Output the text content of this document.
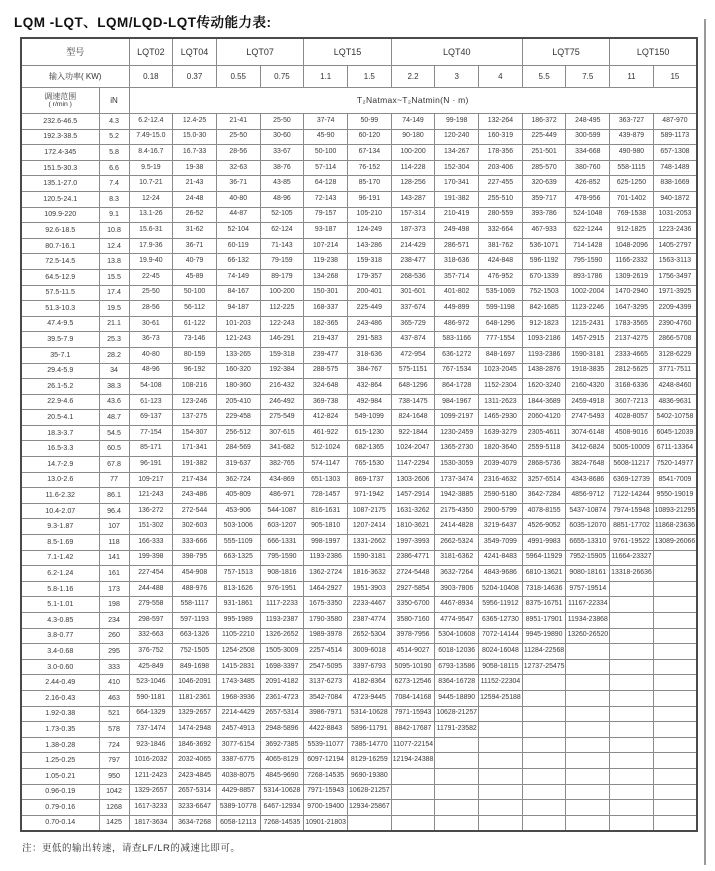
LQM -LQT、LQM/LQD-LQT传动能力表:
型号		LQT02	LQT04	LQT07		LQT15		LQT40			LQT75		LQT150	
输入功率( KW)		0.18	0.37	0.55	0.75	1.1	1.5	2.2	3	4	5.5	7.5	11	15

调速范围
( r/min )	iN	T₂Natmax~T₂Natmin(N · m)												
232.6-46.5	4.3	6.2-12.4	12.4-25	21-41	25-50	37-74	50-99	74-149	99-198	132-264	186-372	248-495	363-727	487-970
192.3-38.5	5.2	7.49-15.0	15.0-30	25-50	30-60	45-90	60-120	90-180	120-240	160-319	225-449	300-599	439-879	589-1173
172.4-345	5.8	8.4-16.7	16.7-33	28-56	33-67	50-100	67-134	100-200	134-267	178-356	251-501	334-668	490-980	657-1308
151.5-30.3	6.6	9.5-19	19-38	32-63	38-76	57-114	76-152	114-228	152-304	203-406	285-570	380-760	558-1115	748-1489
135.1-27.0	7.4	10.7-21	21-43	36-71	43-85	64-128	85-170	128-256	170-341	227-455	320-639	426-852	625-1250	838-1669
120.5-24.1	8.3	12-24	24-48	40-80	48-96	72-143	96-191	143-287	191-382	255-510	359-717	478-956	701-1402	940-1872
109.9-220	9.1	13.1-26	26-52	44-87	52-105	79-157	105-210	157-314	210-419	280-559	393-786	524-1048	769-1538	1031-2053
92.6-18.5	10.8	15.6-31	31-62	52-104	62-124	93-187	124-249	187-373	249-498	332-664	467-933	622-1244	912-1825	1223-2436
80.7-16.1	12.4	17.9-36	36-71	60-119	71-143	107-214	143-286	214-429	286-571	381-762	536-1071	714-1428	1048-2096	1405-2797
72.5-14.5	13.8	19.9-40	40-79	66-132	79-159	119-238	159-318	238-477	318-636	424-848	596-1192	795-1590	1166-2332	1563-3113
64.5-12.9	15.5	22-45	45-89	74-149	89-179	134-268	179-357	268-536	357-714	476-952	670-1339	893-1786	1309-2619	1756-3497
57.5-11.5	17.4	25-50	50-100	84-167	100-200	150-301	200-401	301-601	401-802	535-1069	752-1503	1002-2004	1470-2940	1971-3925
51.3-10.3	19.5	28-56	56-112	94-187	112-225	168-337	225-449	337-674	449-899	599-1198	842-1685	1123-2246	1647-3295	2209-4399
47.4-9.5	21.1	30-61	61-122	101-203	122-243	182-365	243-486	365-729	486-972	648-1296	912-1823	1215-2431	1783-3565	2390-4760
39.5-7.9	25.3	36-73	73-146	121-243	146-291	219-437	291-583	437-874	583-1166	777-1554	1093-2186	1457-2915	2137-4275	2866-5708
35-7.1	28.2	40-80	80-159	133-265	159-318	239-477	318-636	472-954	636-1272	848-1697	1193-2386	1590-3181	2333-4665	3128-6229
29.4-5.9	34	48-96	96-192	160-320	192-384	288-575	384-767	575-1151	767-1534	1023-2045	1438-2876	1918-3835	2812-5625	3771-7511
26.1-5.2	38.3	54-108	108-216	180-360	216-432	324-648	432-864	648-1296	864-1728	1152-2304	1620-3240	2160-4320	3168-6336	4248-8460
22.9-4.6	43.6	61-123	123-246	205-410	246-492	369-738	492-984	738-1475	984-1967	1311-2623	1844-3689	2459-4918	3607-7213	4836-9631
20.5-4.1	48.7	69-137	137-275	229-458	275-549	412-824	549-1099	824-1648	1099-2197	1465-2930	2060-4120	2747-5493	4028-8057	5402-10758
18.3-3.7	54.5	77-154	154-307	256-512	307-615	461-922	615-1230	922-1844	1230-2459	1639-3279	2305-4611	3074-6148	4508-9016	6045-12039
16.5-3.3	60.5	85-171	171-341	284-569	341-682	512-1024	682-1365	1024-2047	1365-2730	1820-3640	2559-5118	3412-6824	5005-10009	6711-13364
14.7-2.9	67.8	96-191	191-382	319-637	382-765	574-1147	765-1530	1147-2294	1530-3059	2039-4079	2868-5736	3824-7648	5608-11217	7520-14977
13.0-2.6	77	109-217	217-434	362-724	434-869	651-1303	869-1737	1303-2606	1737-3474	2316-4632	3257-6514	4343-8686	6369-12739	8541-7009
11.6-2.32	86.1	121-243	243-486	405-809	486-971	728-1457	971-1942	1457-2914	1942-3885	2590-5180	3642-7284	4856-9712	7122-14244	9550-19019
10.4-2.07	96.4	136-272	272-544	453-906	544-1087	816-1631	1087-2175	1631-3262	2175-4350	2900-5799	4078-8155	5437-10874	7974-15948	10893-21295
9.3-1.87	107	151-302	302-603	503-1006	603-1207	905-1810	1207-2414	1810-3621	2414-4828	3219-6437	4526-9052	6035-12070	8851-17702	11868-23636
8.5-1.69	118	166-333	333-666	555-1109	666-1331	998-1997	1331-2662	1997-3993	2662-5324	3549-7099	4991-9983	6655-13310	9761-19522	13089-26066
7.1-1.42	141	199-398	398-795	663-1325	795-1590	1193-2386	1590-3181	2386-4771	3181-6362	4241-8483	5964-11929	7952-15905	11664-23327	
6.2-1.24	161	227-454	454-908	757-1513	908-1816	1362-2724	1816-3632	2724-5448	3632-7264	4843-9686	6810-13621	9080-18161	13318-26636	
5.8-1.16	173	244-488	488-976	813-1626	976-1951	1464-2927	1951-3903	2927-5854	3903-7806	5204-10408	7318-14636	9757-19514		
5.1-1.01	198	279-558	558-1117	931-1861	1117-2233	1675-3350	2233-4467	3350-6700	4467-8934	5956-11912	8375-16751	11167-22334		
4.3-0.85	234	298-597	597-1193	995-1989	1193-2387	1790-3580	2387-4774	3580-7160	4774-9547	6365-12730	8951-17901	11934-23868		
3.8-0.77	260	332-663	663-1326	1105-2210	1326-2652	1989-3978	2652-5304	3978-7956	5304-10608	7072-14144	9945-19890	13260-26520		
3.4-0.68	295	376-752	752-1505	1254-2508	1505-3009	2257-4514	3009-6018	4514-9027	6018-12036	8024-16048	11284-22568			
3.0-0.60	333	425-849	849-1698	1415-2831	1698-3397	2547-5095	3397-6793	5095-10190	6793-13586	9058-18115	12737-25475			
2.44-0.49	410	523-1046	1046-2091	1743-3485	2091-4182	3137-6273	4182-8364	6273-12546	8364-16728	11152-22304				
2.16-0.43	463	590-1181	1181-2361	1968-3936	2361-4723	3542-7084	4723-9445	7084-14168	9445-18890	12594-25188				
1.92-0.38	521	664-1329	1329-2657	2214-4429	2657-5314	3986-7971	5314-10628	7971-15943	10628-21257					
1.73-0.35	578	737-1474	1474-2948	2457-4913	2948-5896	4422-8843	5896-11791	8842-17687	11791-23582					
1.38-0.28	724	923-1846	1846-3692	3077-6154	3692-7385	5539-11077	7385-14770	11077-22154						
1.25-0.25	797	1016-2032	2032-4065	3387-6775	4065-8129	6097-12194	8129-16259	12194-24388						
1.05-0.21	950	1211-2423	2423-4845	4038-8075	4845-9690	7268-14535	9690-19380							
0.96-0.19	1042	1329-2657	2657-5314	4429-8857	5314-10628	7971-15943	10628-21257							
0.79-0.16	1268	1617-3233	3233-6647	5389-10778	6467-12934	9700-19400	12934-25867							
0.70-0.14	1425	1817-3634	3634-7268	6058-12113	7268-14535	10901-21803								
注：更低的输出转速，请查LF/LR的减速比即可。
